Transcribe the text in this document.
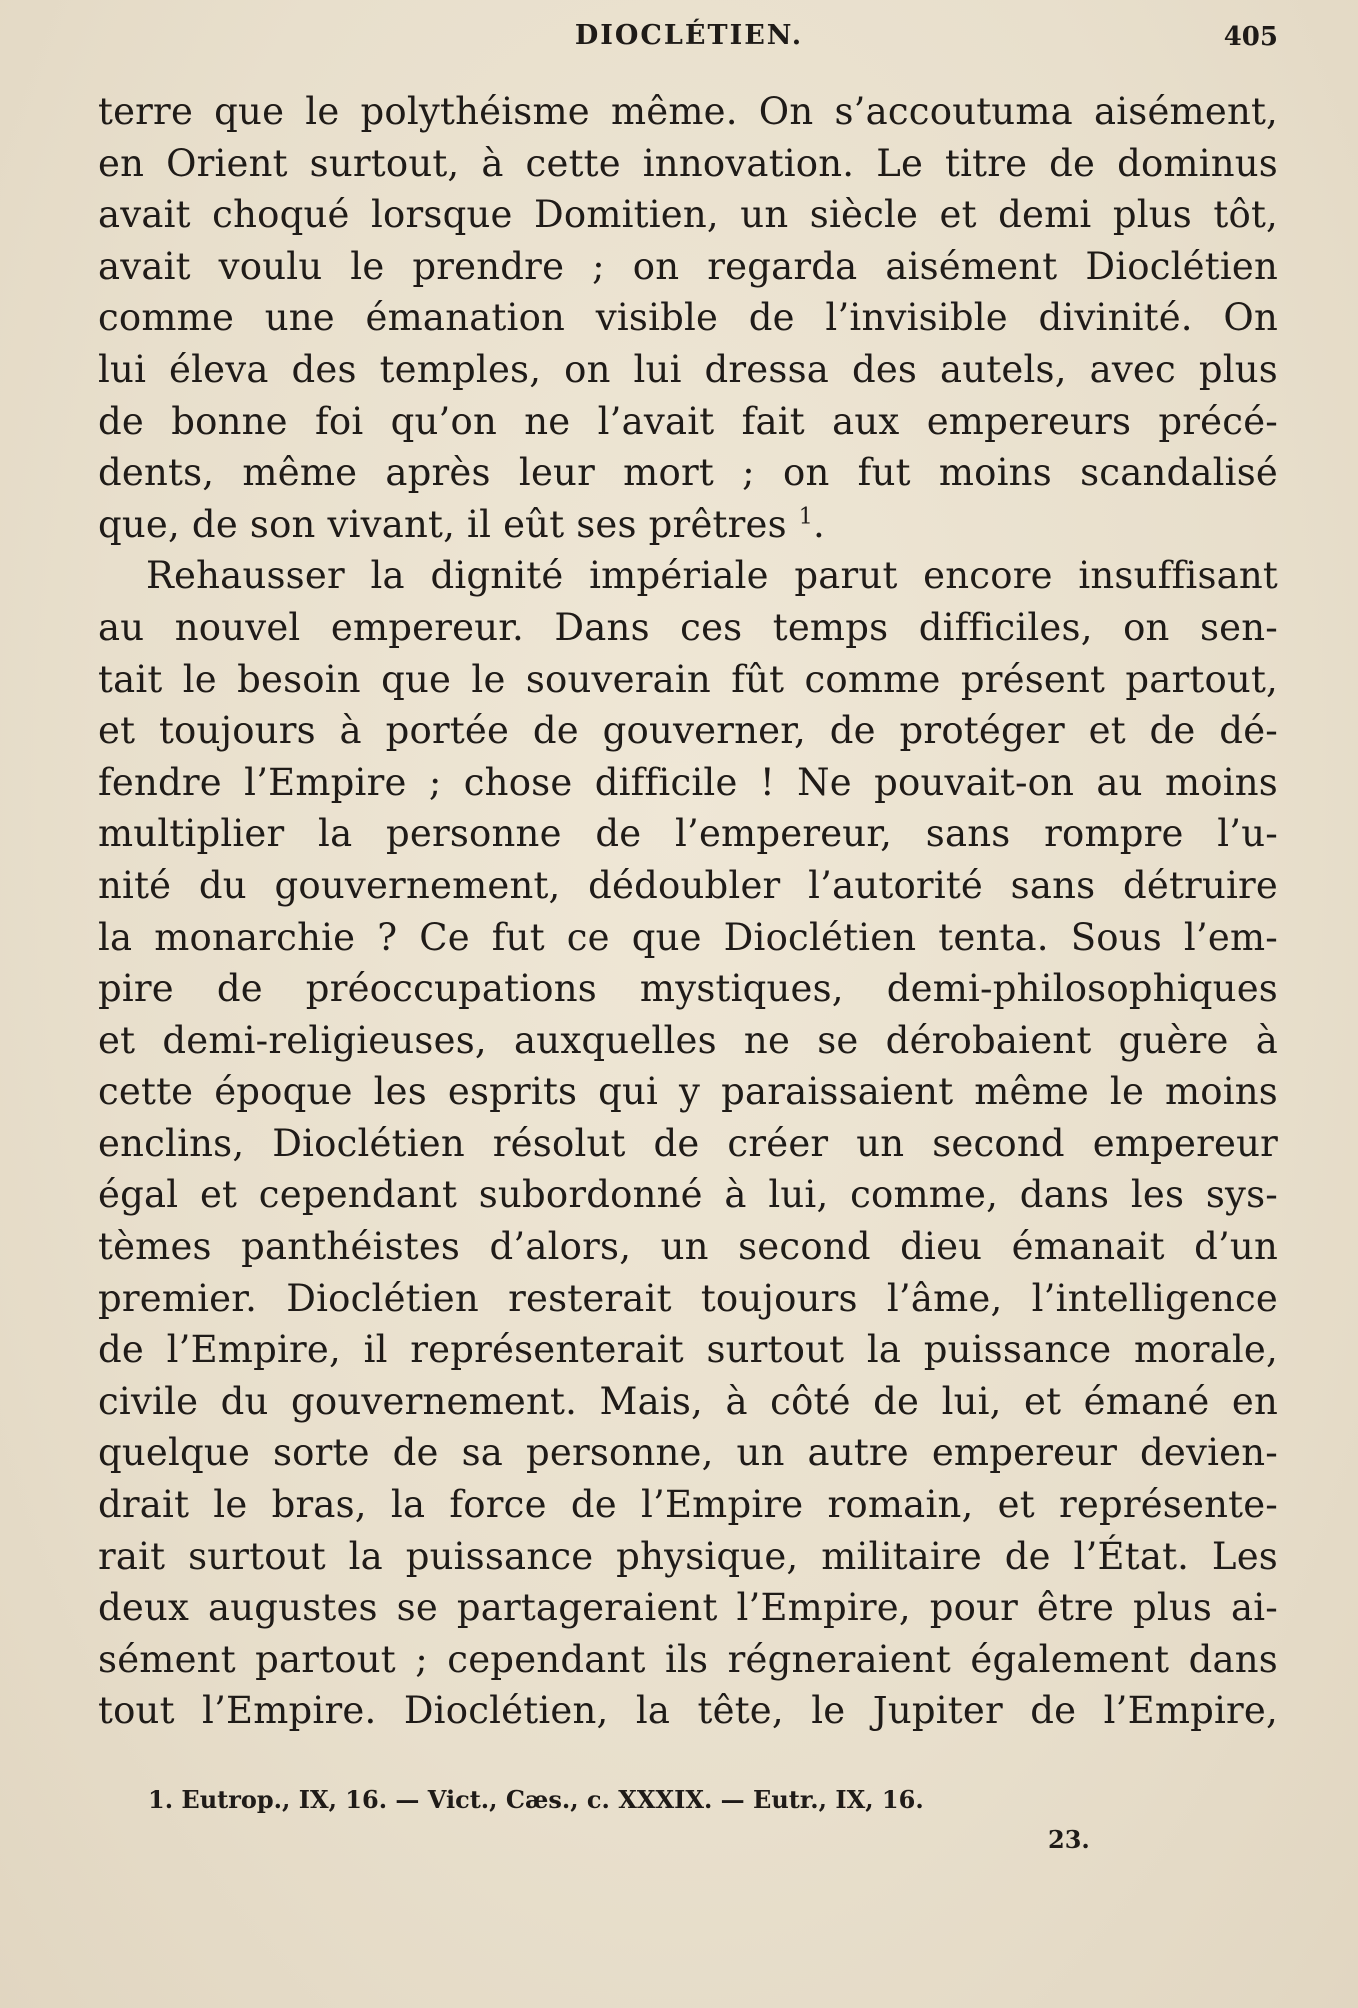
DIOCLÉTIEN.	405
terre que le polythéisme même. On s’accoutuma aisément,
en Orient surtout, à cette innovation. Le titre de dominus
avait choqué lorsque Domitien, un siècle et demi plus tôt,
avait voulu le prendre ; on regarda aisément Dioclétien
comme une émanation visible de l’invisible divinité. On
lui éleva des temples, on lui dressa des autels, avec plus
de bonne foi qu’on ne l’avait fait aux empereurs précé-
dents, même après leur mort ; on fut moins scandalisé
que, de son vivant, il eût ses prêtres $^1$.
Rehausser la dignité impériale parut encore insuffisant
au nouvel empereur. Dans ces temps difficiles, on sen-
tait le besoin que le souverain fût comme présent partout,
et toujours à portée de gouverner, de protéger et de dé-
fendre l’Empire ; chose difficile ! Ne pouvait-on au moins
multiplier la personne de l’empereur, sans rompre l’u-
nité du gouvernement, dédoubler l’autorité sans détruire
la monarchie ? Ce fut ce que Dioclétien tenta. Sous l’em-
pire de préoccupations mystiques, demi-philosophiques
et demi-religieuses, auxquelles ne se dérobaient guère à
cette époque les esprits qui y paraissaient même le moins
enclins, Dioclétien résolut de créer un second empereur
égal et cependant subordonné à lui, comme, dans les sys-
tèmes panthéistes d’alors, un second dieu émanait d’un
premier. Dioclétien resterait toujours l’âme, l’intelligence
de l’Empire, il représenterait surtout la puissance morale,
civile du gouvernement. Mais, à côté de lui, et émané en
quelque sorte de sa personne, un autre empereur devien-
drait le bras, la force de l’Empire romain, et représente-
rait surtout la puissance physique, militaire de l’État. Les
deux augustes se partageraient l’Empire, pour être plus ai-
sément partout ; cependant ils régneraient également dans
tout l’Empire. Dioclétien, la tête, le Jupiter de l’Empire,
1. Eutrop., IX, 16. — Vict., Cæs., c. XXXIX. — Eutr., IX, 16.
23.
